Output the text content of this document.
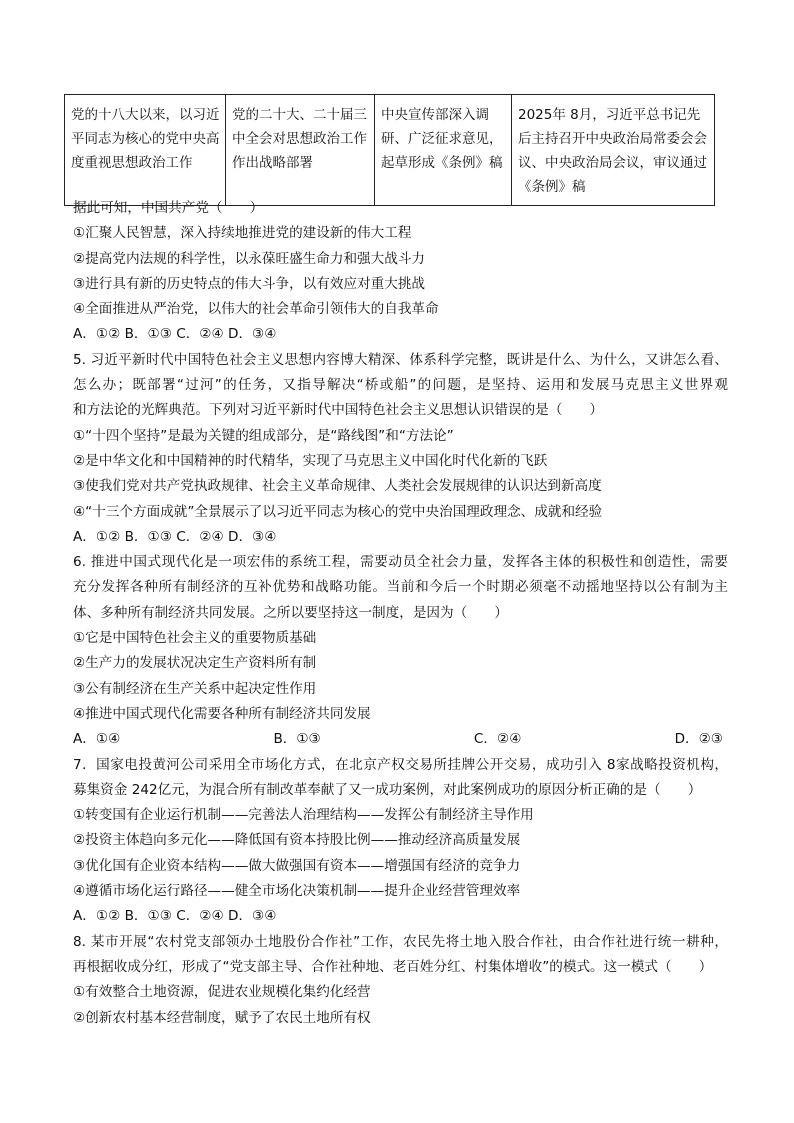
党的十八大以来，以习近平同志为核心的党中央高度重视思想政治工作	党的二十大、二十届三中全会对思想政治工作作出战略部署	中央宣传部深入调研、广泛征求意见，起草形成《条例》稿	2025年 8月，习近平总书记先后主持召开中央政治局常委会会议、中央政治局会议，审议通过《条例》稿
据此可知，中国共产党（　　）
①汇聚人民智慧，深入持续地推进党的建设新的伟大工程
②提高党内法规的科学性，以永葆旺盛生命力和强大战斗力
③进行具有新的历史特点的伟大斗争，以有效应对重大挑战
④全面推进从严治党，以伟大的社会革命引领伟大的自我革命
A．①② B．①③ C．②④ D．③④
5. 习近平新时代中国特色社会主义思想内容博大精深、体系科学完整，既讲是什么、为什么，又讲怎么看、
怎么办；既部署“过河”的任务，又指导解决“桥或船”的问题，是坚持、运用和发展马克思主义世界观
和方法论的光辉典范。下列对习近平新时代中国特色社会主义思想认识错误的是（　　）
①“十四个坚持”是最为关键的组成部分，是“路线图”和“方法论”
②是中华文化和中国精神的时代精华，实现了马克思主义中国化时代化新的飞跃
③使我们党对共产党执政规律、社会主义革命规律、人类社会发展规律的认识达到新高度
④“十三个方面成就”全景展示了以习近平同志为核心的党中央治国理政理念、成就和经验
A．①② B．①③ C．②④ D．③④
6. 推进中国式现代化是一项宏伟的系统工程，需要动员全社会力量，发挥各主体的积极性和创造性，需要
充分发挥各种所有制经济的互补优势和战略功能。当前和今后一个时期必须毫不动摇地坚持以公有制为主
体、多种所有制经济共同发展。之所以要坚持这一制度，是因为（　　）
①它是中国特色社会主义的重要物质基础
②生产力的发展状况决定生产资料所有制
③公有制经济在生产关系中起决定性作用
④推进中国式现代化需要各种所有制经济共同发展
A．①④	B．①③	C．②④	D．②③
7．国家电投黄河公司采用全市场化方式，在北京产权交易所挂牌公开交易，成功引入 8家战略投资机构，
募集资金 242亿元，为混合所有制改革奉献了又一成功案例，对此案例成功的原因分析正确的是（　　）
①转变国有企业运行机制——完善法人治理结构——发挥公有制经济主导作用
②投资主体趋向多元化——降低国有资本持股比例——推动经济高质量发展
③优化国有企业资本结构——做大做强国有资本——增强国有经济的竞争力
④遵循市场化运行路径——健全市场化决策机制——提升企业经营管理效率
A．①② B．①③ C．②④ D．③④
8. 某市开展“农村党支部领办土地股份合作社”工作，农民先将土地入股合作社，由合作社进行统一耕种，
再根据收成分红，形成了“党支部主导、合作社种地、老百姓分红、村集体增收”的模式。这一模式（　　）
①有效整合土地资源，促进农业规模化集约化经营
②创新农村基本经营制度，赋予了农民土地所有权
